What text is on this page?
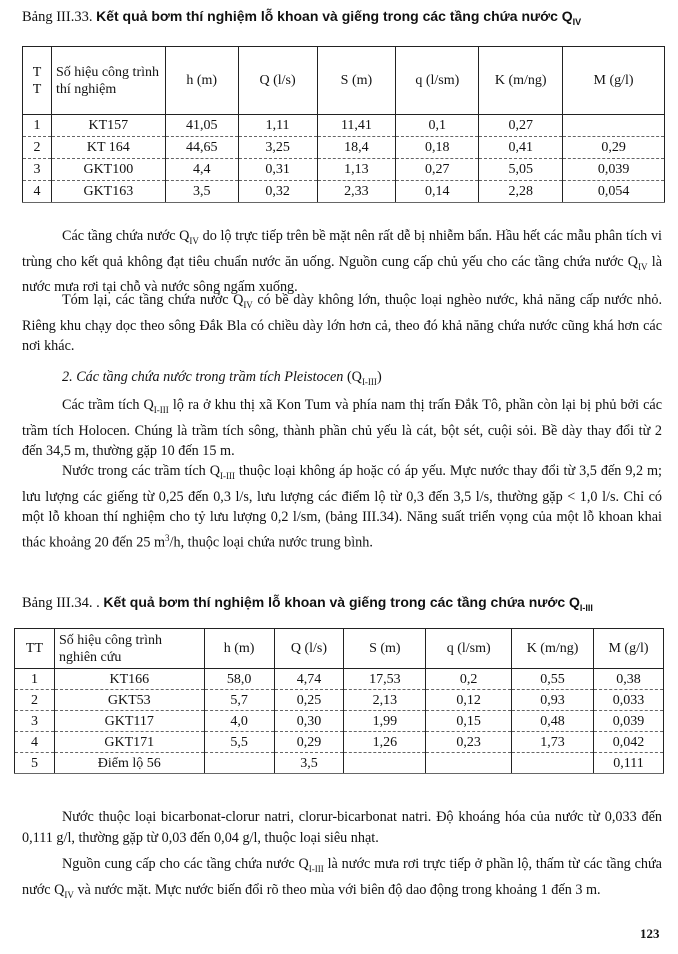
Bảng III.33. Kết quả bơm thí nghiệm lỗ khoan và giếng trong các tầng chứa nước $Q_{IV}$
T T	Số hiệu công trình thí nghiệm	h (m)	Q (l/s)	S (m)	q (l/sm)	K (m/ng)	M (g/l)
1	KT157	41,05	1,11	11,41	0,1	0,27	
2	KT 164	44,65	3,25	18,4	0,18	0,41	0,29
3	GKT100	4,4	0,31	1,13	0,27	5,05	0,039
4	GKT163	3,5	0,32	2,33	0,14	2,28	0,054
Các tầng chứa nước $Q_{IV}$ do lộ trực tiếp trên bề mặt nên rất dễ bị nhiễm bẩn. Hầu hết các mẫu phân tích vi trùng cho kết quả không đạt tiêu chuẩn nước ăn uống. Nguồn cung cấp chủ yếu cho các tầng chứa nước $Q_{IV}$ là nước mưa rơi tại chỗ và nước sông ngấm xuống.
Tóm lại, các tầng chứa nước $Q_{IV}$ có bề dày không lớn, thuộc loại nghèo nước, khả năng cấp nước nhỏ. Riêng khu chạy dọc theo sông Đắk Bla có chiều dày lớn hơn cả, theo đó khả năng chứa nước cũng khá hơn các nơi khác.
2. Các tầng chứa nước trong trầm tích Pleistocen $(Q_{I-III})$
Các trầm tích $Q_{I-III}$ lộ ra ở khu thị xã Kon Tum và phía nam thị trấn Đắk Tô, phần còn lại bị phủ bởi các trầm tích Holocen. Chúng là trầm tích sông, thành phần chủ yếu là cát, bột sét, cuội sỏi. Bề dày thay đổi từ 2 đến 34,5 m, thường gặp 10 đến 15 m.
Nước trong các trầm tích $Q_{I-III}$ thuộc loại không áp hoặc có áp yếu. Mực nước thay đổi từ 3,5 đến 9,2 m; lưu lượng các giếng từ 0,25 đến 0,3 l/s, lưu lượng các điểm lộ từ 0,3 đến 3,5 l/s, thường gặp < 1,0 l/s. Chỉ có một lỗ khoan thí nghiệm cho tỷ lưu lượng 0,2 l/sm, (bảng III.34). Năng suất triển vọng của một lỗ khoan khai thác khoảng 20 đến 25 $m^3/h$, thuộc loại chứa nước trung bình.
Bảng III.34. . Kết quả bơm thí nghiệm lỗ khoan và giếng trong các tầng chứa nước $Q_{I-III}$
TT	Số hiệu công trình nghiên cứu	h (m)	Q (l/s)	S (m)	q (l/sm)	K (m/ng)	M (g/l)
1	KT166	58,0	4,74	17,53	0,2	0,55	0,38
2	GKT53	5,7	0,25	2,13	0,12	0,93	0,033
3	GKT117	4,0	0,30	1,99	0,15	0,48	0,039
4	GKT171	5,5	0,29	1,26	0,23	1,73	0,042
5	Điểm lộ 56		3,5				0,111
Nước thuộc loại bicarbonat-clorur natri, clorur-bicarbonat natri. Độ khoáng hóa của nước từ 0,033 đến 0,111 g/l, thường gặp từ 0,03 đến 0,04 g/l, thuộc loại siêu nhạt.
Nguồn cung cấp cho các tầng chứa nước $Q_{I-III}$ là nước mưa rơi trực tiếp ở phần lộ, thấm từ các tầng chứa nước $Q_{IV}$ và nước mặt. Mực nước biến đổi rõ theo mùa với biên độ dao động trong khoảng 1 đến 3 m.
123
